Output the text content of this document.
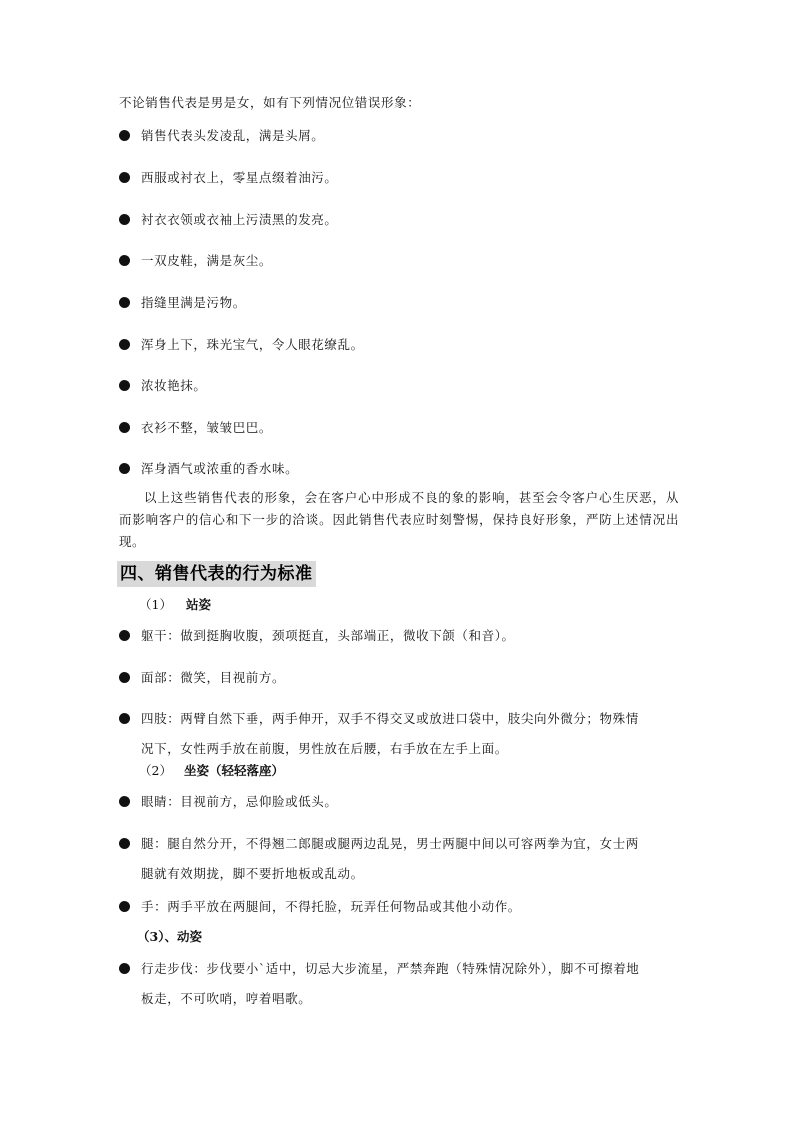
不论销售代表是男是女，如有下列情况位错误形象：
销售代表头发凌乱，满是头屑。
西服或衬衣上，零星点缀着油污。
衬衣衣领或衣袖上污渍黑的发亮。
一双皮鞋，满是灰尘。
指缝里满是污物。
浑身上下，珠光宝气，令人眼花缭乱。
浓妆艳抹。
衣衫不整，皱皱巴巴。
浑身酒气或浓重的香水味。
以上这些销售代表的形象，会在客户心中形成不良的象的影响，甚至会令客户心生厌恶，从而影响客户的信心和下一步的洽谈。因此销售代表应时刻警惕，保持良好形象，严防上述情况出现。
四、销售代表的行为标准
（1） 站姿
躯干：做到挺胸收腹，颈项挺直，头部端正，微收下颌（和音）。
面部：微笑，目视前方。
四肢：两臂自然下垂，两手伸开，双手不得交叉或放进口袋中，肢尖向外微分；物殊情
况下，女性两手放在前腹，男性放在后腰，右手放在左手上面。
（2） 坐姿（轻轻落座）
眼睛：目视前方，忌仰脸或低头。
腿：腿自然分开，不得翘二郎腿或腿两边乱晃，男士两腿中间以可容两拳为宜，女士两
腿就有效期拢，脚不要折地板或乱动。
手：两手平放在两腿间，不得托脸，玩弄任何物品或其他小动作。
（3）、动姿
行走步伐：步伐要小`适中，切忌大步流星，严禁奔跑（特殊情况除外），脚不可擦着地
板走，不可吹哨，哼着唱歌。
